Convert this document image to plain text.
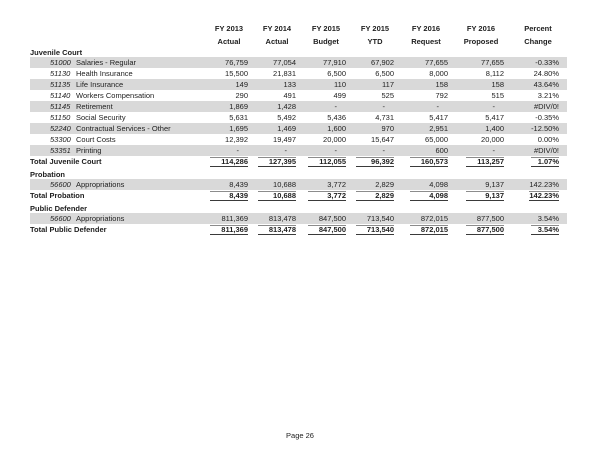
	FY 2013	FY 2014	FY 2015	FY 2015	FY 2016	FY 2016	Percent
	Actual	Actual	Budget	YTD	Request	Proposed	Change
Juvenile Court							
51000 Salaries - Regular	76,759	77,054	77,910	67,902	77,655	77,655	-0.33%
51130 Health Insurance	15,500	21,831	6,500	6,500	8,000	8,112	24.80%
51135 Life Insurance	149	133	110	117	158	158	43.64%
51140 Workers Compensation	290	491	499	525	792	515	3.21%
51145 Retirement	1,869	1,428	-	-	-	-	#DIV/0!
51150 Social Security	5,631	5,492	5,436	4,731	5,417	5,417	-0.35%
52240 Contractual Services - Other	1,695	1,469	1,600	970	2,951	1,400	-12.50%
53300 Court Costs	12,392	19,497	20,000	15,647	65,000	20,000	0.00%
53351 Printing	-	-	-	-	600	-	#DIV/0!
Total Juvenile Court	114,286	127,395	112,055	96,392	160,573	113,257	1.07%
Probation							
56600 Appropriations	8,439	10,688	3,772	2,829	4,098	9,137	142.23%
Total Probation	8,439	10,688	3,772	2,829	4,098	9,137	142.23%
Public Defender							
56600 Appropriations	811,369	813,478	847,500	713,540	872,015	877,500	3.54%
Total Public Defender	811,369	813,478	847,500	713,540	872,015	877,500	3.54%
Page 26
